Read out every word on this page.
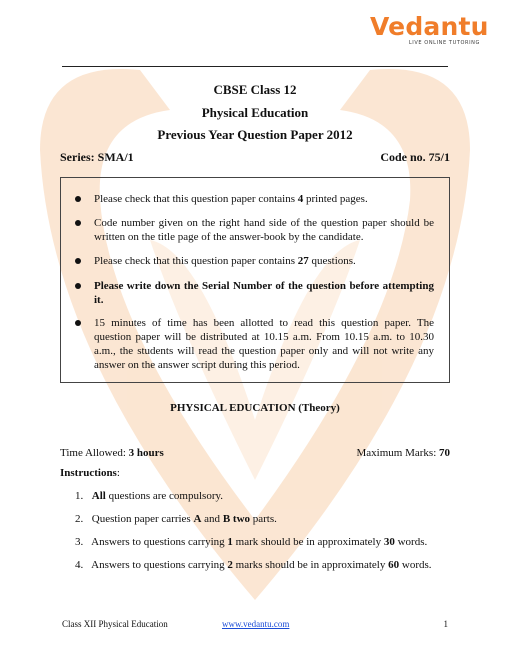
Vedantu
LIVE ONLINE TUTORING
CBSE Class 12
Physical Education
Previous Year Question Paper 2012
Series: SMA/1	Code no. 75/1
Please check that this question paper contains 4 printed pages.
Code number given on the right hand side of the question paper should be written on the title page of the answer-book by the candidate.
Please check that this question paper contains 27 questions.
Please write down the Serial Number of the question before attempting it.
15 minutes of time has been allotted to read this question paper. The question paper will be distributed at 10.15 a.m. From 10.15 a.m. to 10.30 a.m., the students will read the question paper only and will not write any answer on the answer script during this period.
PHYSICAL EDUCATION (Theory)
Time Allowed: 3 hours	Maximum Marks: 70
Instructions:
1. All questions are compulsory.
2. Question paper carries A and B two parts.
3. Answers to questions carrying 1 mark should be in approximately 30 words.
4. Answers to questions carrying 2 marks should be in approximately 60 words.
Class XII Physical Education	www.vedantu.com	1
